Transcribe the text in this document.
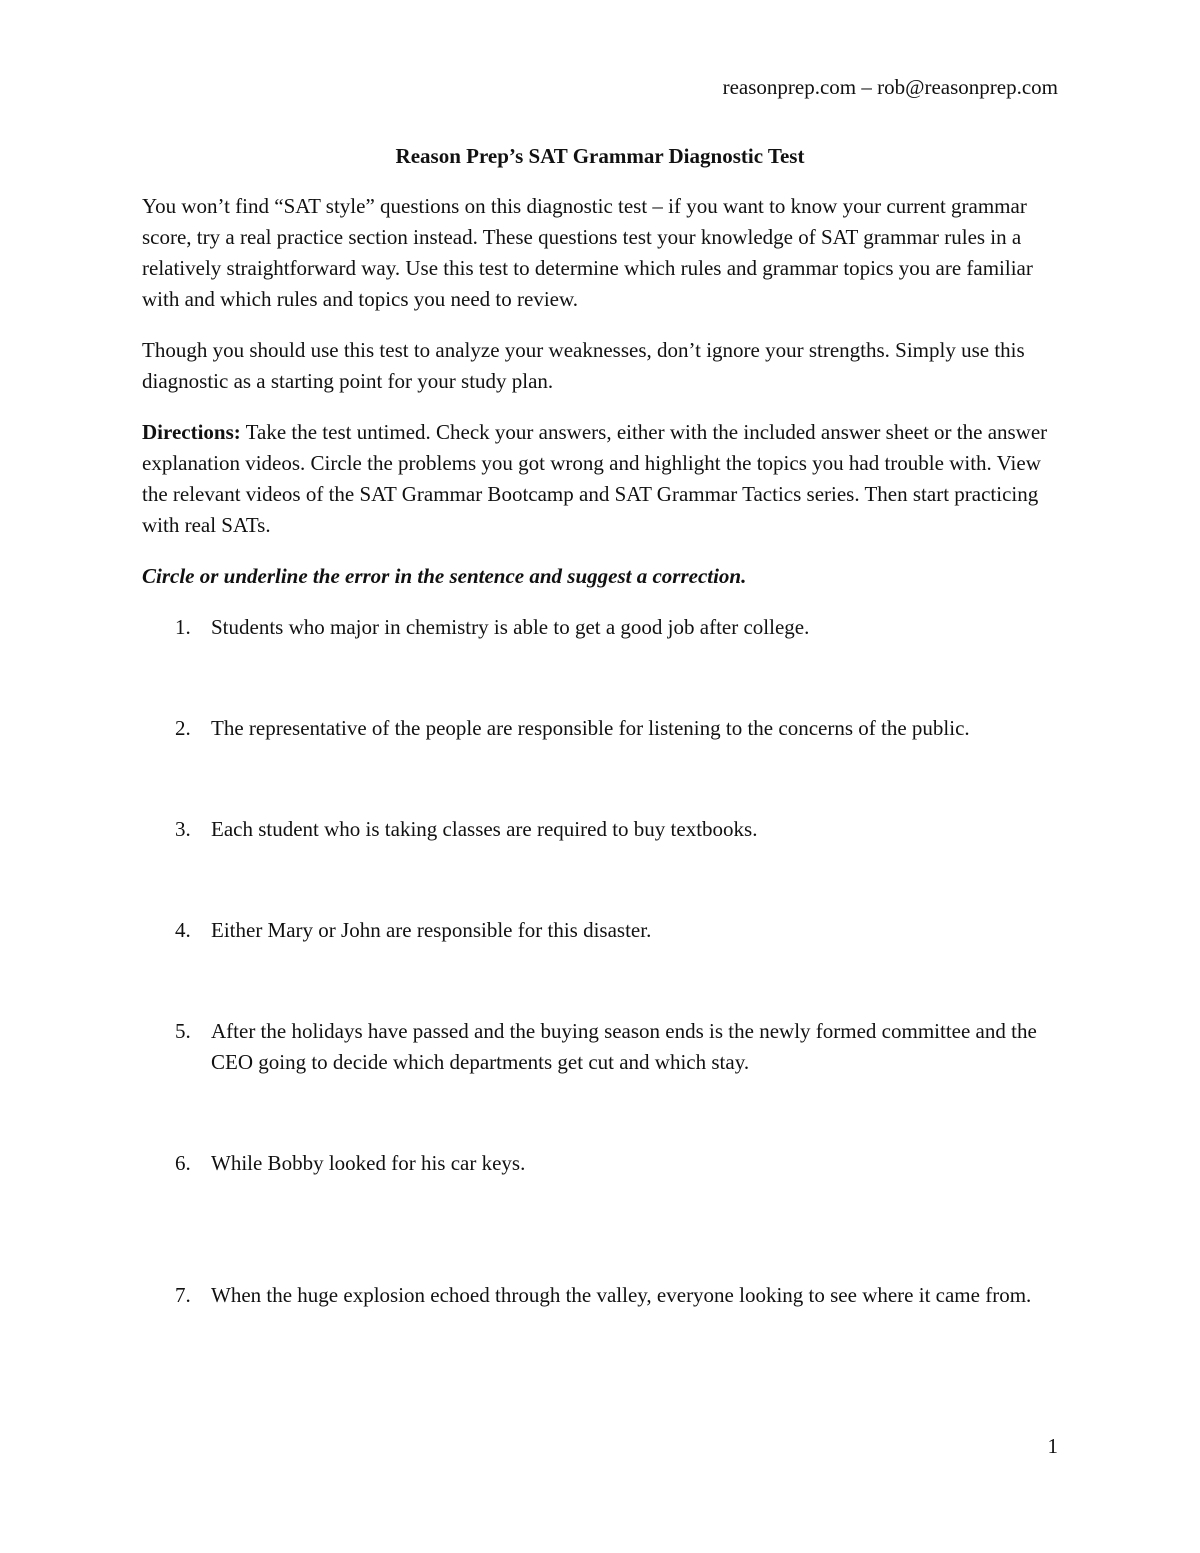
reasonprep.com – rob@reasonprep.com
Reason Prep’s SAT Grammar Diagnostic Test

You won’t find “SAT style” questions on this diagnostic test – if you want to know your current grammar score, try a real practice section instead. These questions test your knowledge of SAT grammar rules in a relatively straightforward way. Use this test to determine which rules and grammar topics you are familiar with and which rules and topics you need to review.

Though you should use this test to analyze your weaknesses, don’t ignore your strengths. Simply use this diagnostic as a starting point for your study plan.

Directions: Take the test untimed. Check your answers, either with the included answer sheet or the answer explanation videos. Circle the problems you got wrong and highlight the topics you had trouble with. View the relevant videos of the SAT Grammar Bootcamp and SAT Grammar Tactics series. Then start practicing with real SATs.

Circle or underline the error in the sentence and suggest a correction.

1. Students who major in chemistry is able to get a good job after college.
2. The representative of the people are responsible for listening to the concerns of the public.
3. Each student who is taking classes are required to buy textbooks.
4. Either Mary or John are responsible for this disaster.
5. After the holidays have passed and the buying season ends is the newly formed committee and the CEO going to decide which departments get cut and which stay.
6. While Bobby looked for his car keys.
7. When the huge explosion echoed through the valley, everyone looking to see where it came from.
1
